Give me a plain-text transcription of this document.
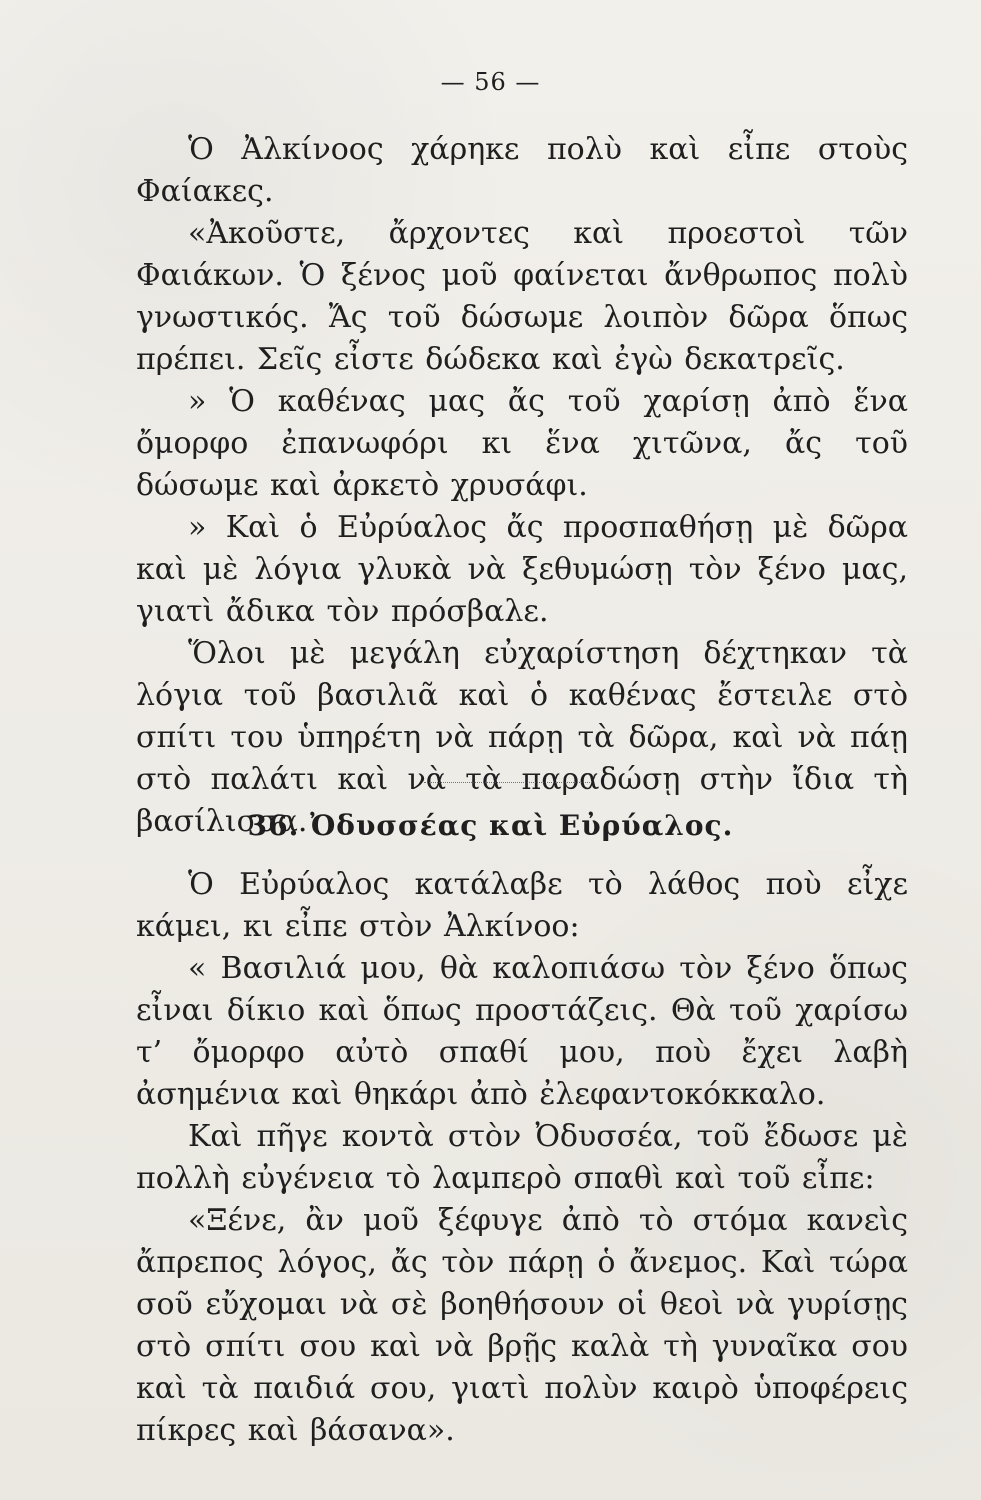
— 56 —

Ὁ Ἀλκίνοος χάρηκε πολὺ καὶ εἶπε στοὺς Φαίακες.

«Ἀκοῦστε, ἄρχοντες καὶ προεστοὶ τῶν Φαιάκων. Ὁ ξένος μοῦ φαίνεται ἄνθρωπος πολὺ γνωστικός. Ἄς τοῦ δώσωμε λοιπὸν δῶρα ὅπως πρέπει. Σεῖς εἶστε δώδεκα καὶ ἐγὼ δεκατρεῖς.

» Ὁ καθένας μας ἄς τοῦ χαρίσῃ ἀπὸ ἕνα ὄμορφο ἐπανωφόρι κι ἕνα χιτῶνα, ἄς τοῦ δώσωμε καὶ ἀρκετὸ χρυσάφι.

» Καὶ ὁ Εὐρύαλος ἄς προσπαθήσῃ μὲ δῶρα καὶ μὲ λόγια γλυκὰ νὰ ξεθυμώσῃ τὸν ξένο μας, γιατὶ ἄδικα τὸν πρόσβαλε.

Ὅλοι μὲ μεγάλη εὐχαρίστηση δέχτηκαν τὰ λόγια τοῦ βασιλιᾶ καὶ ὁ καθένας ἔστειλε στὸ σπίτι του ὑπηρέτη νὰ πάρῃ τὰ δῶρα, καὶ νὰ πάῃ στὸ παλάτι καὶ νὰ τὰ παραδώσῃ στὴν ἴδια τὴ βασίλισσα.

36. Ὀδυσσέας καὶ Εὐρύαλος.

Ὁ Εὐρύαλος κατάλαβε τὸ λάθος ποὺ εἶχε κάμει, κι εἶπε στὸν Ἀλκίνοο:

« Βασιλιά μου, θὰ καλοπιάσω τὸν ξένο ὅπως εἶναι δίκιο καὶ ὅπως προστάζεις. Θὰ τοῦ χαρίσω τ’ ὄμορφο αὐτὸ σπαθί μου, ποὺ ἔχει λαβὴ ἀσημένια καὶ θηκάρι ἀπὸ ἐλεφαντοκόκκαλο.

Καὶ πῆγε κοντὰ στὸν Ὀδυσσέα, τοῦ ἔδωσε μὲ πολλὴ εὐγένεια τὸ λαμπερὸ σπαθὶ καὶ τοῦ εἶπε:

«Ξένε, ἂν μοῦ ξέφυγε ἀπὸ τὸ στόμα κανεὶς ἄπρεπος λόγος, ἄς τὸν πάρῃ ὁ ἄνεμος. Καὶ τώρα σοῦ εὔχομαι νὰ σὲ βοηθήσουν οἱ θεοὶ νὰ γυρίσῃς στὸ σπίτι σου καὶ νὰ βρῇς καλὰ τὴ γυναῖκα σου καὶ τὰ παιδιά σου, γιατὶ πολὺν καιρὸ ὑποφέρεις πίκρες καὶ βάσανα».
